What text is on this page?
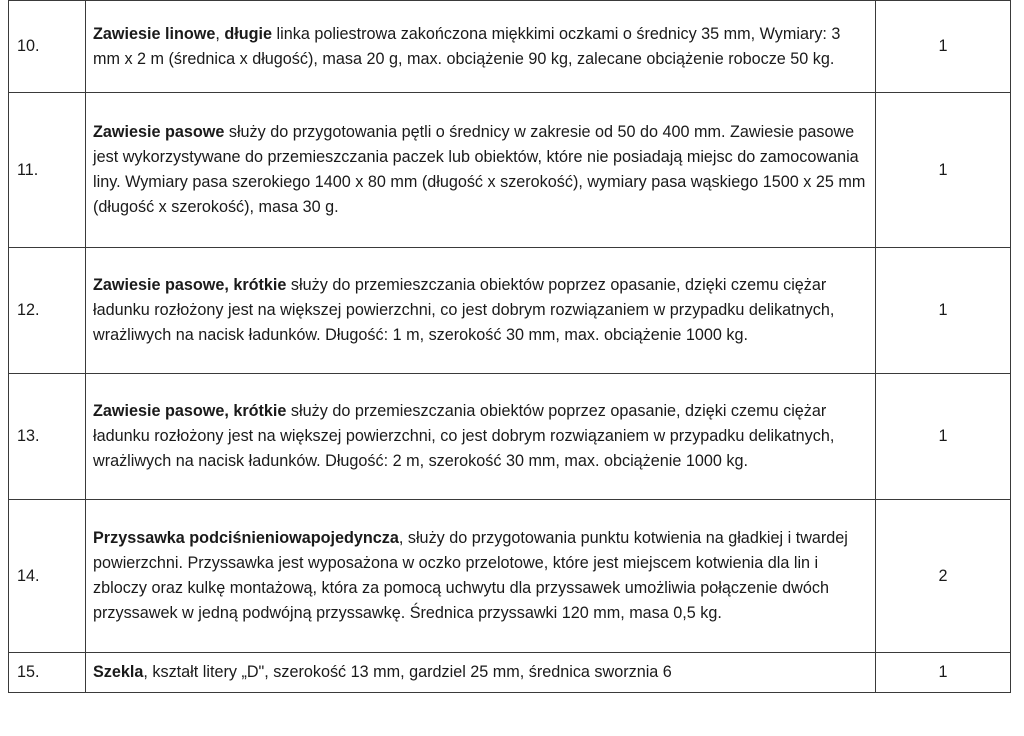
10.	Zawiesie linowe, długie linka poliestrowa zakończona miękkimi oczkami o średnicy 35 mm, Wymiary: 3 mm x 2 m (średnica x długość), masa 20 g, max. obciążenie 90 kg, zalecane obciążenie robocze 50 kg.	1
11.	Zawiesie pasowe służy do przygotowania pętli o średnicy w zakresie od 50 do 400 mm. Zawiesie pasowe jest wykorzystywane do przemieszczania paczek lub obiektów, które nie posiadają miejsc do zamocowania liny. Wymiary pasa szerokiego 1400 x 80 mm (długość x szerokość), wymiary pasa wąskiego 1500 x 25 mm (długość x szerokość), masa 30 g.	1
12.	Zawiesie pasowe, krótkie służy do przemieszczania obiektów poprzez opasanie, dzięki czemu ciężar ładunku rozłożony jest na większej powierzchni, co jest dobrym rozwiązaniem w przypadku delikatnych, wrażliwych na nacisk ładunków. Długość: 1 m, szerokość 30 mm, max. obciążenie 1000 kg.	1
13.	Zawiesie pasowe, krótkie służy do przemieszczania obiektów poprzez opasanie, dzięki czemu ciężar ładunku rozłożony jest na większej powierzchni, co jest dobrym rozwiązaniem w przypadku delikatnych, wrażliwych na nacisk ładunków. Długość: 2 m, szerokość 30 mm, max. obciążenie 1000 kg.	1
14.	Przyssawka podciśnieniowapojedyncza, służy do przygotowania punktu kotwienia na gładkiej i twardej powierzchni. Przyssawka jest wyposażona w oczko przelotowe, które jest miejscem kotwienia dla lin i zbloczy oraz kulkę montażową, która za pomocą uchwytu dla przyssawek umożliwia połączenie dwóch przyssawek w jedną podwójną przyssawkę. Średnica przyssawki 120 mm, masa 0,5 kg.	2
15.	Szekla, kształt litery „D", szerokość 13 mm, gardziel 25 mm, średnica sworznia 6	1
